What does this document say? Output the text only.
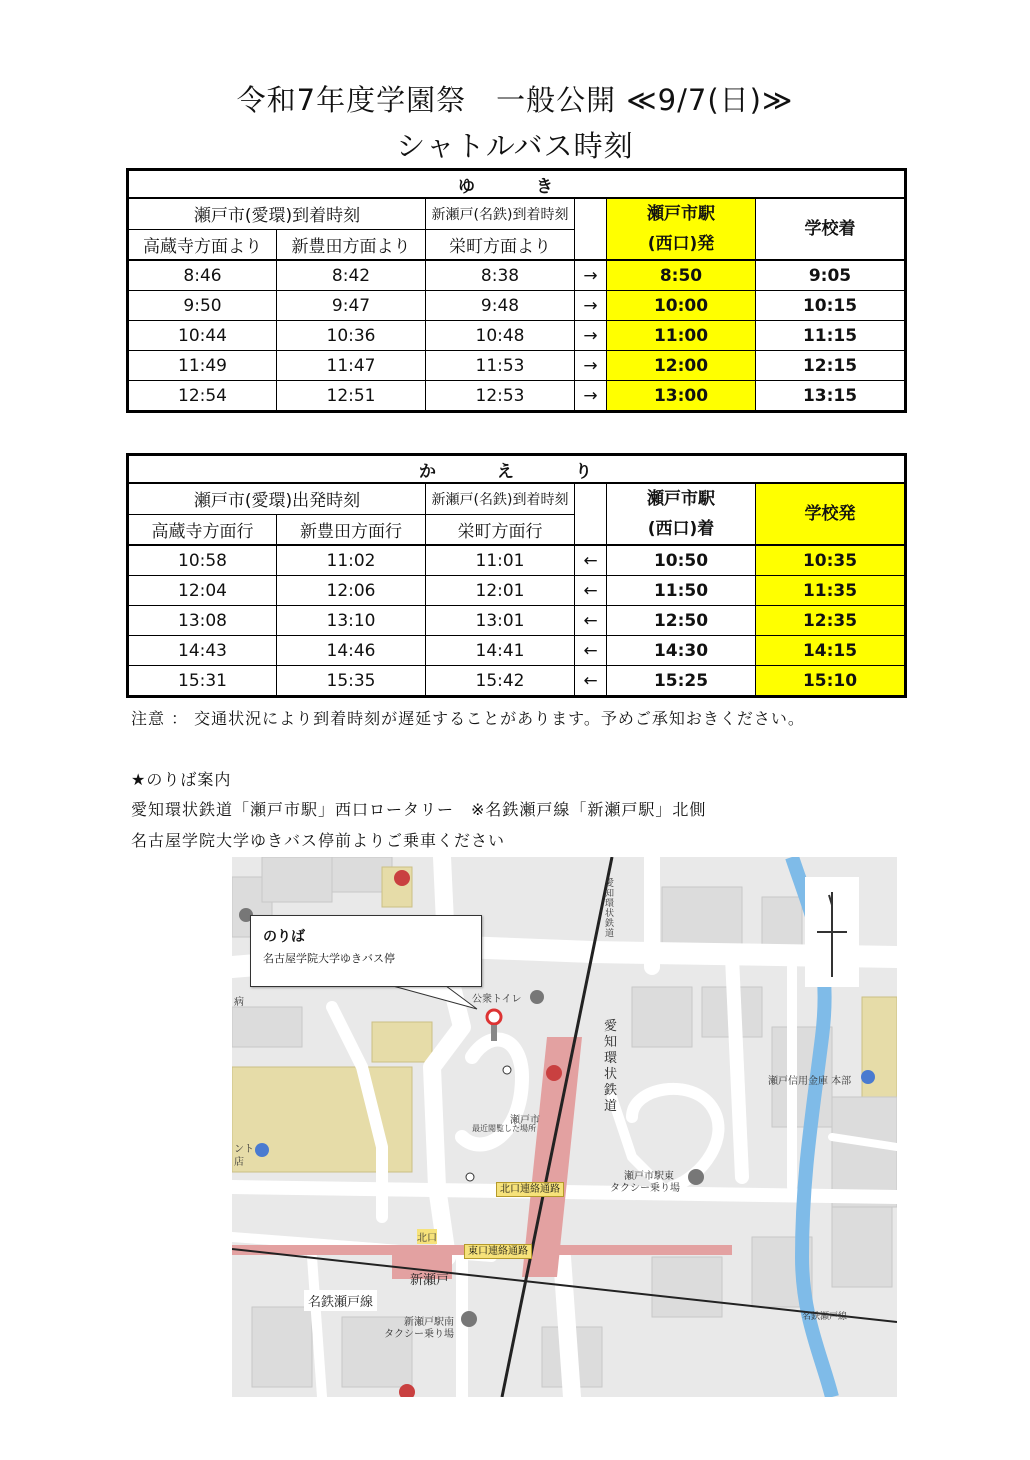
令和7年度学園祭　一般公開 ≪9/7(日)≫
シャトルバス時刻
ゆ　き					
瀬戸市(愛環)到着時刻		新瀬戸(名鉄)到着時刻		瀬戸市駅
(西口)発	学校着
高蔵寺方面より	新豊田方面より	栄町方面より			
8:46	8:42	8:38	→	8:50	9:05
9:50	9:47	9:48	→	10:00	10:15
10:44	10:36	10:48	→	11:00	11:15
11:49	11:47	11:53	→	12:00	12:15
12:54	12:51	12:53	→	13:00	13:15
か　え　り					
瀬戸市(愛環)出発時刻		新瀬戸(名鉄)到着時刻		瀬戸市駅
(西口)着	学校発
高蔵寺方面行	新豊田方面行	栄町方面行			
10:58	11:02	11:01	←	10:50	10:35
12:04	12:06	12:01	←	11:50	11:35
13:08	13:10	13:01	←	12:50	12:35
14:43	14:46	14:41	←	14:30	14:15
15:31	15:35	15:42	←	15:25	15:10
注意 ： 交通状況により到着時刻が遅延することがあります。予めご承知おきください。
★のりば案内
愛知環状鉄道「瀬戸市駅」西口ロータリー　※名鉄瀬戸線「新瀬戸駅」北側
名古屋学院大学ゆきバス停前よりご乗車ください
のりば
名古屋学院大学ゆきバス停
愛知環状鉄道
名鉄瀬戸線
公衆トイレ
瀬戸市
最近閲覧した場所
北口連絡通路
東口連絡通路
北口
新瀬戸
新瀬戸駅南
タクシー乗り場
瀬戸市駅東
タクシー乗り場
瀬戸信用金庫 本部
名鉄瀬戸線
愛知環状鉄道
ント
店
病
